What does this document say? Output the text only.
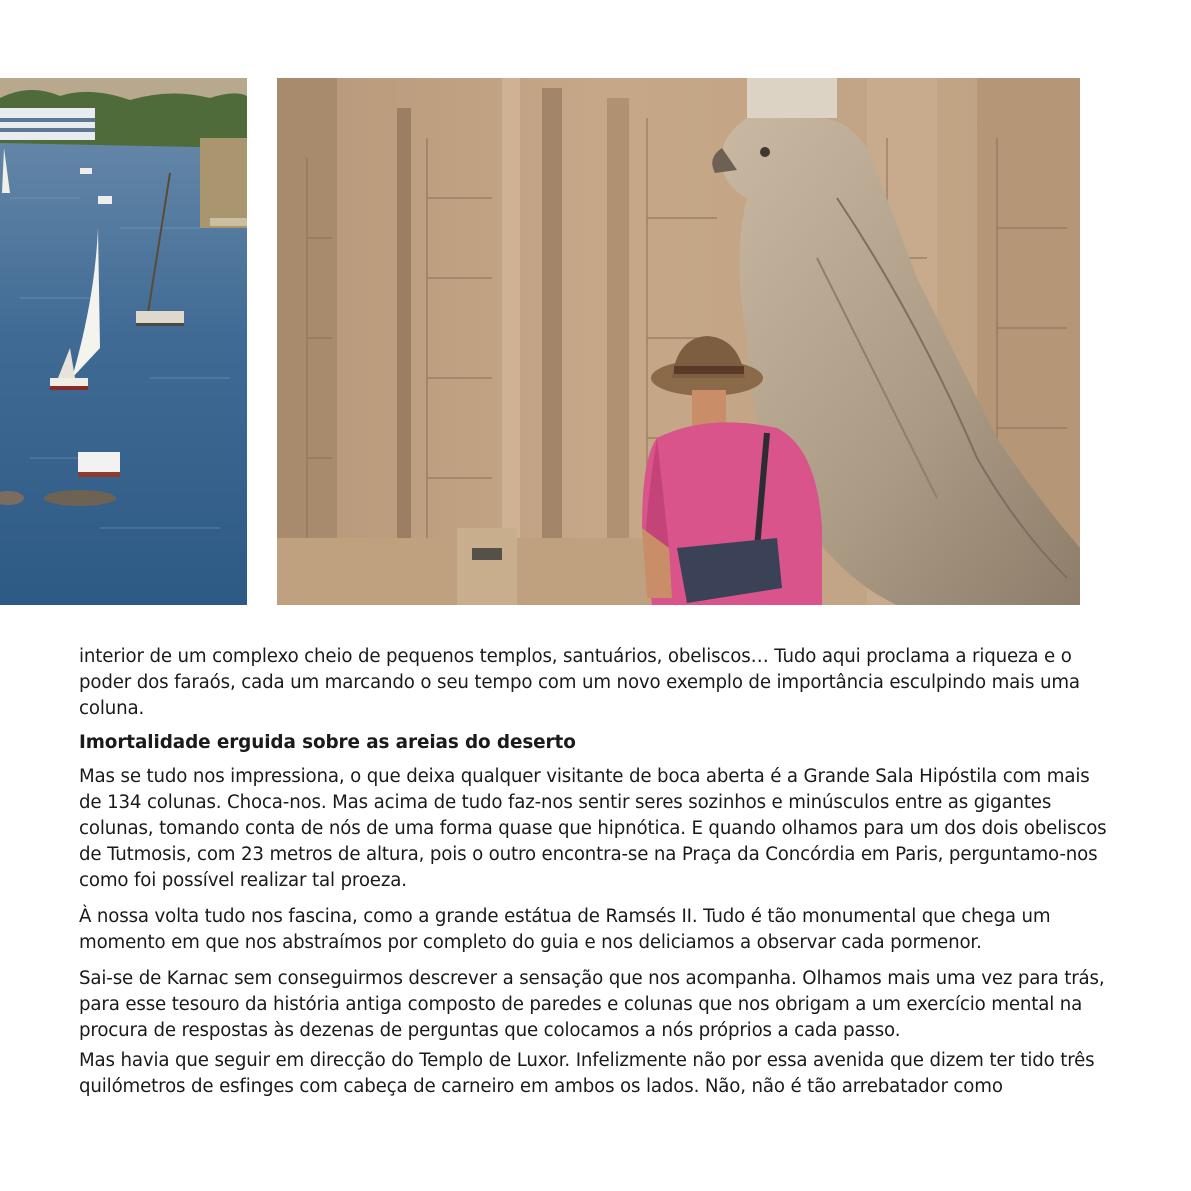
interior de um complexo cheio de pequenos templos, santuários, obeliscos… Tudo aqui proclama a riqueza e o poder dos faraós, cada um marcando o seu tempo com um novo exemplo de importância esculpindo mais uma coluna.

Imortalidade erguida sobre as areias do deserto

Mas se tudo nos impressiona, o que deixa qualquer visitante de boca aberta é a Grande Sala Hipóstila com mais de 134 colunas. Choca-nos. Mas acima de tudo faz-nos sentir seres sozinhos e minúsculos entre as gigantes colunas, tomando conta de nós de uma forma quase que hipnótica. E quando olhamos para um dos dois obeliscos de Tutmosis, com 23 metros de altura, pois o outro encontra-se na Praça da Concórdia em Paris, perguntamo-nos como foi possível realizar tal proeza.

À nossa volta tudo nos fascina, como a grande estátua de Ramsés II. Tudo é tão monumental que chega um momento em que nos abstraímos por completo do guia e nos deliciamos a observar cada pormenor.

Sai-se de Karnac sem conseguirmos descrever a sensação que nos acompanha. Olhamos mais uma vez para trás, para esse tesouro da história antiga composto de paredes e colunas que nos obrigam a um exercício mental na procura de respostas às dezenas de perguntas que colocamos a nós próprios a cada passo.

Mas havia que seguir em direcção do Templo de Luxor. Infelizmente não por essa avenida que dizem ter tido três quilómetros de esfinges com cabeça de carneiro em ambos os lados. Não, não é tão arrebatador como
